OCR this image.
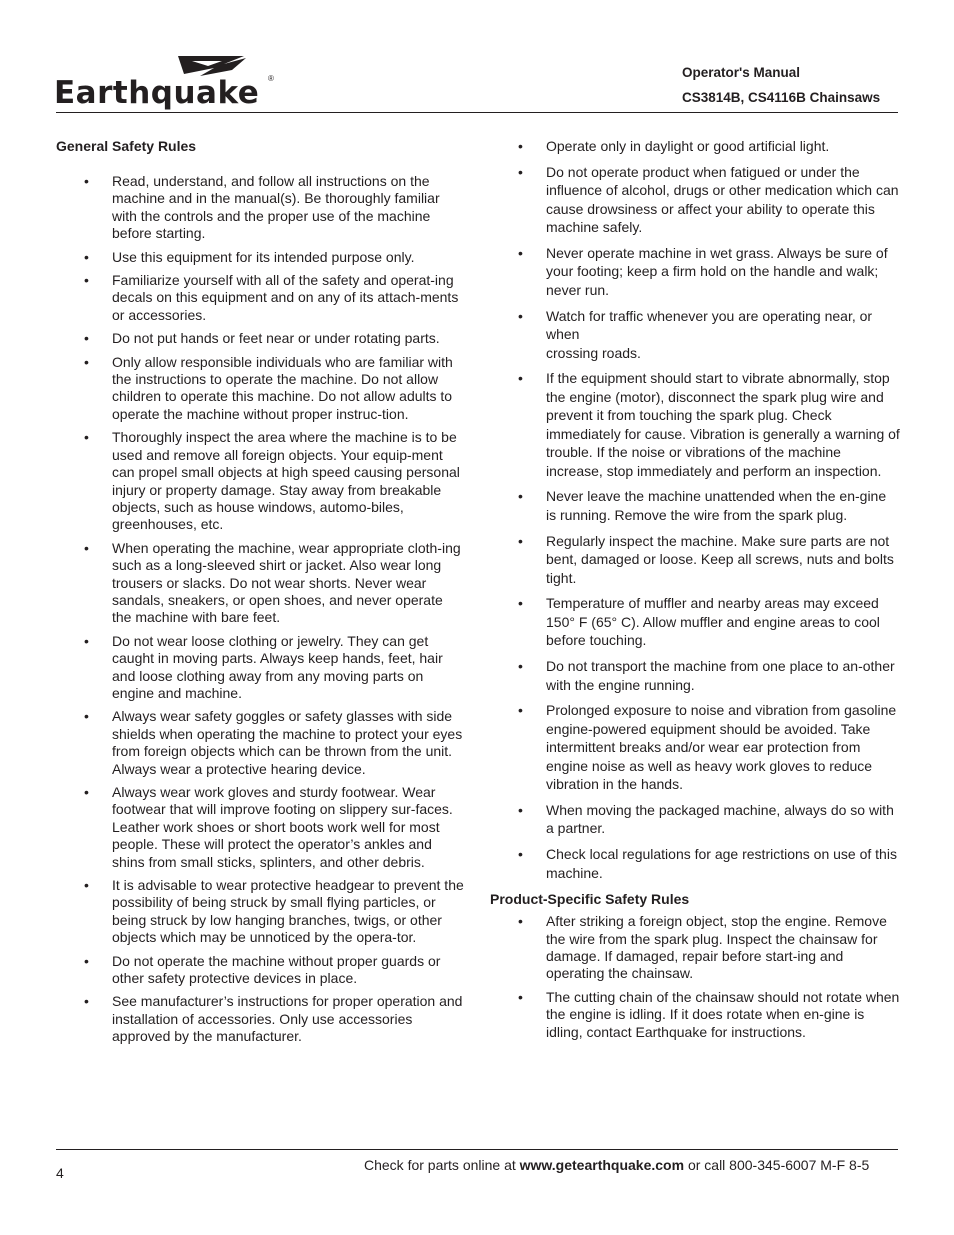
Earthquake ®	Operator's Manual
CS3814B, CS4116B Chainsaws
General Safety Rules
• Read, understand, and follow all instructions on the machine and in the manual(s). Be thoroughly familiar with the controls and the proper use of the machine before starting.
• Use this equipment for its intended purpose only.
• Familiarize yourself with all of the safety and operat-ing decals on this equipment and on any of its attach-ments or accessories.
• Do not put hands or feet near or under rotating parts.
• Only allow responsible individuals who are familiar with the instructions to operate the machine. Do not allow children to operate this machine. Do not allow adults to operate the machine without proper instruc-tion.
• Thoroughly inspect the area where the machine is to be used and remove all foreign objects. Your equip-ment can propel small objects at high speed causing personal injury or property damage. Stay away from breakable objects, such as house windows, automo-biles, greenhouses, etc.
• When operating the machine, wear appropriate cloth-ing such as a long-sleeved shirt or jacket. Also wear long trousers or slacks. Do not wear shorts. Never wear sandals, sneakers, or open shoes, and never operate the machine with bare feet.
• Do not wear loose clothing or jewelry. They can get caught in moving parts. Always keep hands, feet, hair and loose clothing away from any moving parts on engine and machine.
• Always wear safety goggles or safety glasses with side shields when operating the machine to protect your eyes from foreign objects which can be thrown from the unit. Always wear a protective hearing device.
• Always wear work gloves and sturdy footwear. Wear footwear that will improve footing on slippery sur-faces. Leather work shoes or short boots work well for most people. These will protect the operator’s ankles and shins from small sticks, splinters, and other debris.
• It is advisable to wear protective headgear to prevent the possibility of being struck by small flying particles, or being struck by low hanging branches, twigs, or other objects which may be unnoticed by the opera-tor.
• Do not operate the machine without proper guards or other safety protective devices in place.
• See manufacturer’s instructions for proper operation and installation of accessories. Only use accessories approved by the manufacturer.
• Operate only in daylight or good artificial light.
• Do not operate product when fatigued or under the influence of alcohol, drugs or other medication which can cause drowsiness or affect your ability to operate this machine safely.
• Never operate machine in wet grass. Always be sure of your footing; keep a firm hold on the handle and walk; never run.
• Watch for traffic whenever you are operating near, or when
crossing roads.
• If the equipment should start to vibrate abnormally, stop the engine (motor), disconnect the spark plug wire and prevent it from touching the spark plug. Check immediately for cause. Vibration is generally a warning of trouble. If the noise or vibrations of the machine increase, stop immediately and perform an inspection.
• Never leave the machine unattended when the en-gine is running. Remove the wire from the spark plug.
• Regularly inspect the machine. Make sure parts are not bent, damaged or loose. Keep all screws, nuts and bolts tight.
• Temperature of muffler and nearby areas may exceed 150° F (65° C). Allow muffler and engine areas to cool before touching.
• Do not transport the machine from one place to an-other with the engine running.
• Prolonged exposure to noise and vibration from gasoline engine-powered equipment should be avoided. Take intermittent breaks and/or wear ear protection from engine noise as well as heavy work gloves to reduce vibration in the hands.
• When moving the packaged machine, always do so with a partner.
• Check local regulations for age restrictions on use of this machine.
Product-Specific Safety Rules
• After striking a foreign object, stop the engine. Remove the wire from the spark plug. Inspect the chainsaw for damage. If damaged, repair before start-ing and operating the chainsaw.
• The cutting chain of the chainsaw should not rotate when the engine is idling. If it does rotate when en-gine is idling, contact Earthquake for instructions.
4	Check for parts online at www.getearthquake.com or call 800-345-6007 M-F 8-5
